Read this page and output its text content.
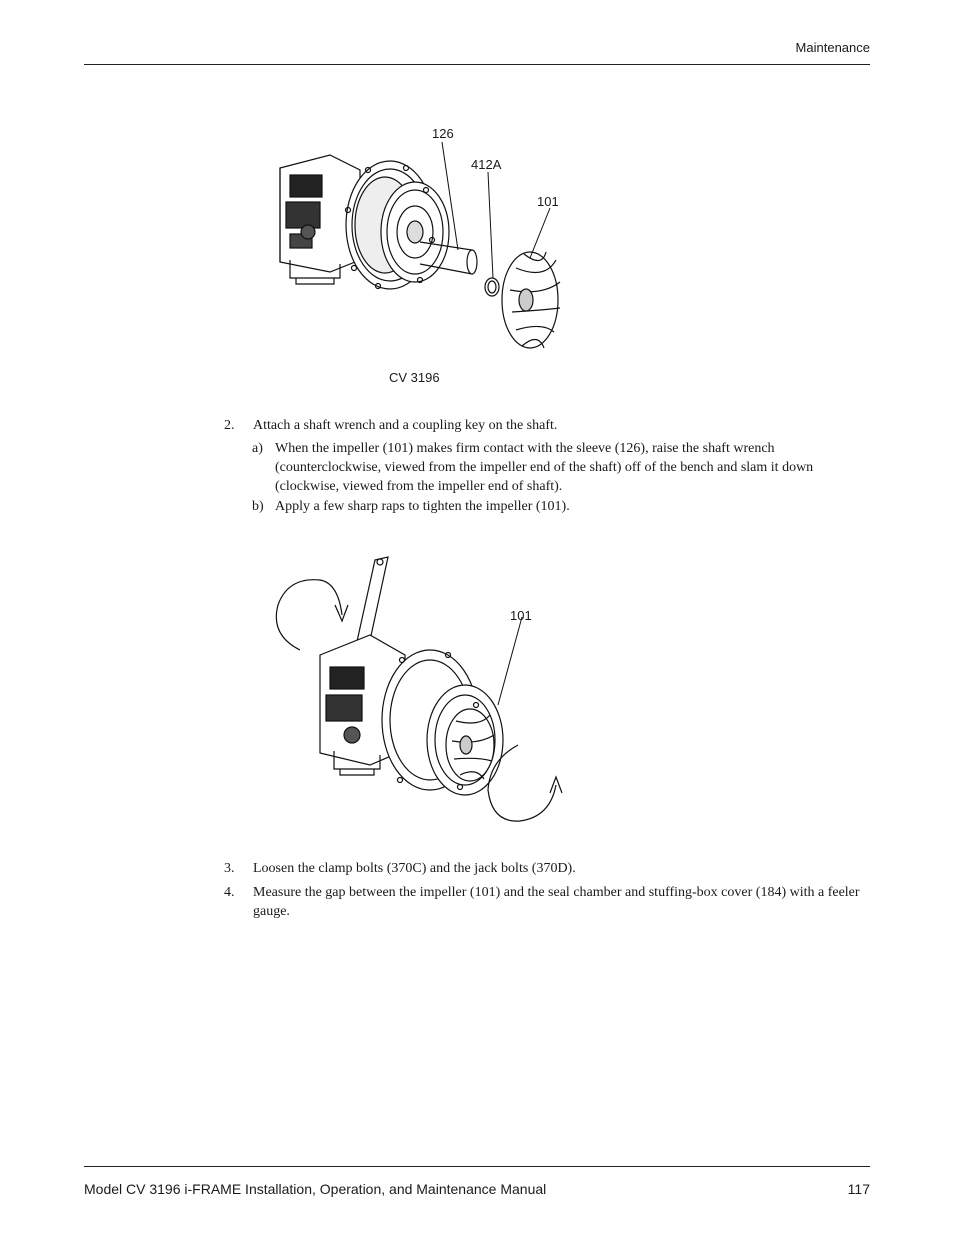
Maintenance
126
412A
101
CV 3196
2. Attach a shaft wrench and a coupling key on the shaft.
a) When the impeller (101) makes firm contact with the sleeve (126), raise the shaft wrench (counterclockwise, viewed from the impeller end of the shaft) off of the bench and slam it down (clockwise, viewed from the impeller end of shaft).
b) Apply a few sharp raps to tighten the impeller (101).
101
3. Loosen the clamp bolts (370C) and the jack bolts (370D).
4. Measure the gap between the impeller (101) and the seal chamber and stuffing-box cover (184) with a feeler gauge.
Model CV 3196 i-FRAME Installation, Operation, and Maintenance Manual	117
